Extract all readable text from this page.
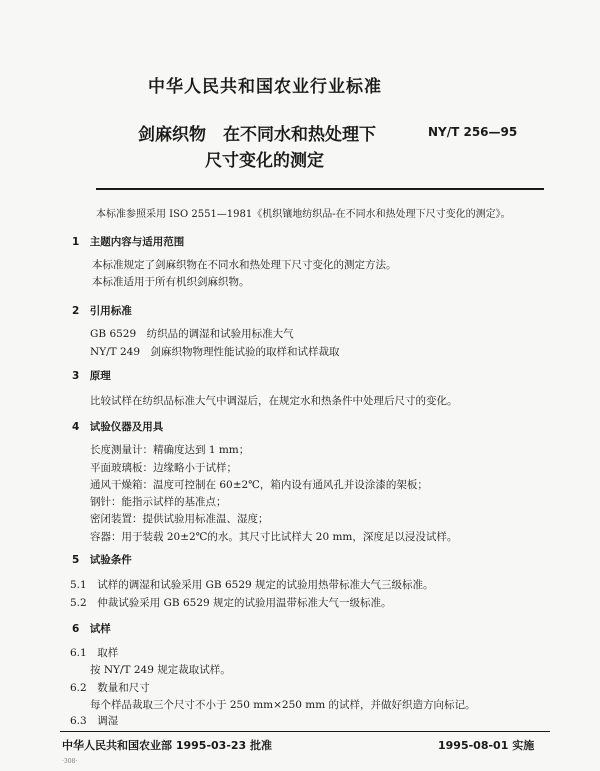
中华人民共和国农业行业标准
剑麻织物　在不同水和热处理下
尺寸变化的测定
NY/T 256—95
本标准参照采用 ISO 2551—1981《机织镶地纺织品-在不同水和热处理下尺寸变化的测定》。
1　主题内容与适用范围
本标准规定了剑麻织物在不同水和热处理下尺寸变化的测定方法。
本标准适用于所有机织剑麻织物。
2　引用标准
GB 6529　纺织品的调湿和试验用标准大气
NY/T 249　剑麻织物物理性能试验的取样和试样裁取
3　原理
比较试样在纺织品标准大气中调湿后，在规定水和热条件中处理后尺寸的变化。
4　试验仪器及用具
长度测量计：精确度达到 1 mm；
平面玻璃板：边缘略小于试样；
通风干燥箱：温度可控制在 60±2℃，箱内设有通风孔并设涂漆的架板；
钢针：能指示试样的基准点；
密闭装置：提供试验用标准温、湿度；
容器：用于装载 20±2℃的水。其尺寸比试样大 20 mm，深度足以浸没试样。
5　试验条件
5.1　试样的调湿和试验采用 GB 6529 规定的试验用热带标准大气三级标准。
5.2　仲裁试验采用 GB 6529 规定的试验用温带标准大气一级标准。
6　试样
6.1　取样
按 NY/T 249 规定裁取试样。
6.2　数量和尺寸
每个样品裁取三个尺寸不小于 250 mm×250 mm 的试样，并做好织造方向标记。
6.3　调湿
中华人民共和国农业部 1995-03-23 批准	1995-08-01 实施
·308·
